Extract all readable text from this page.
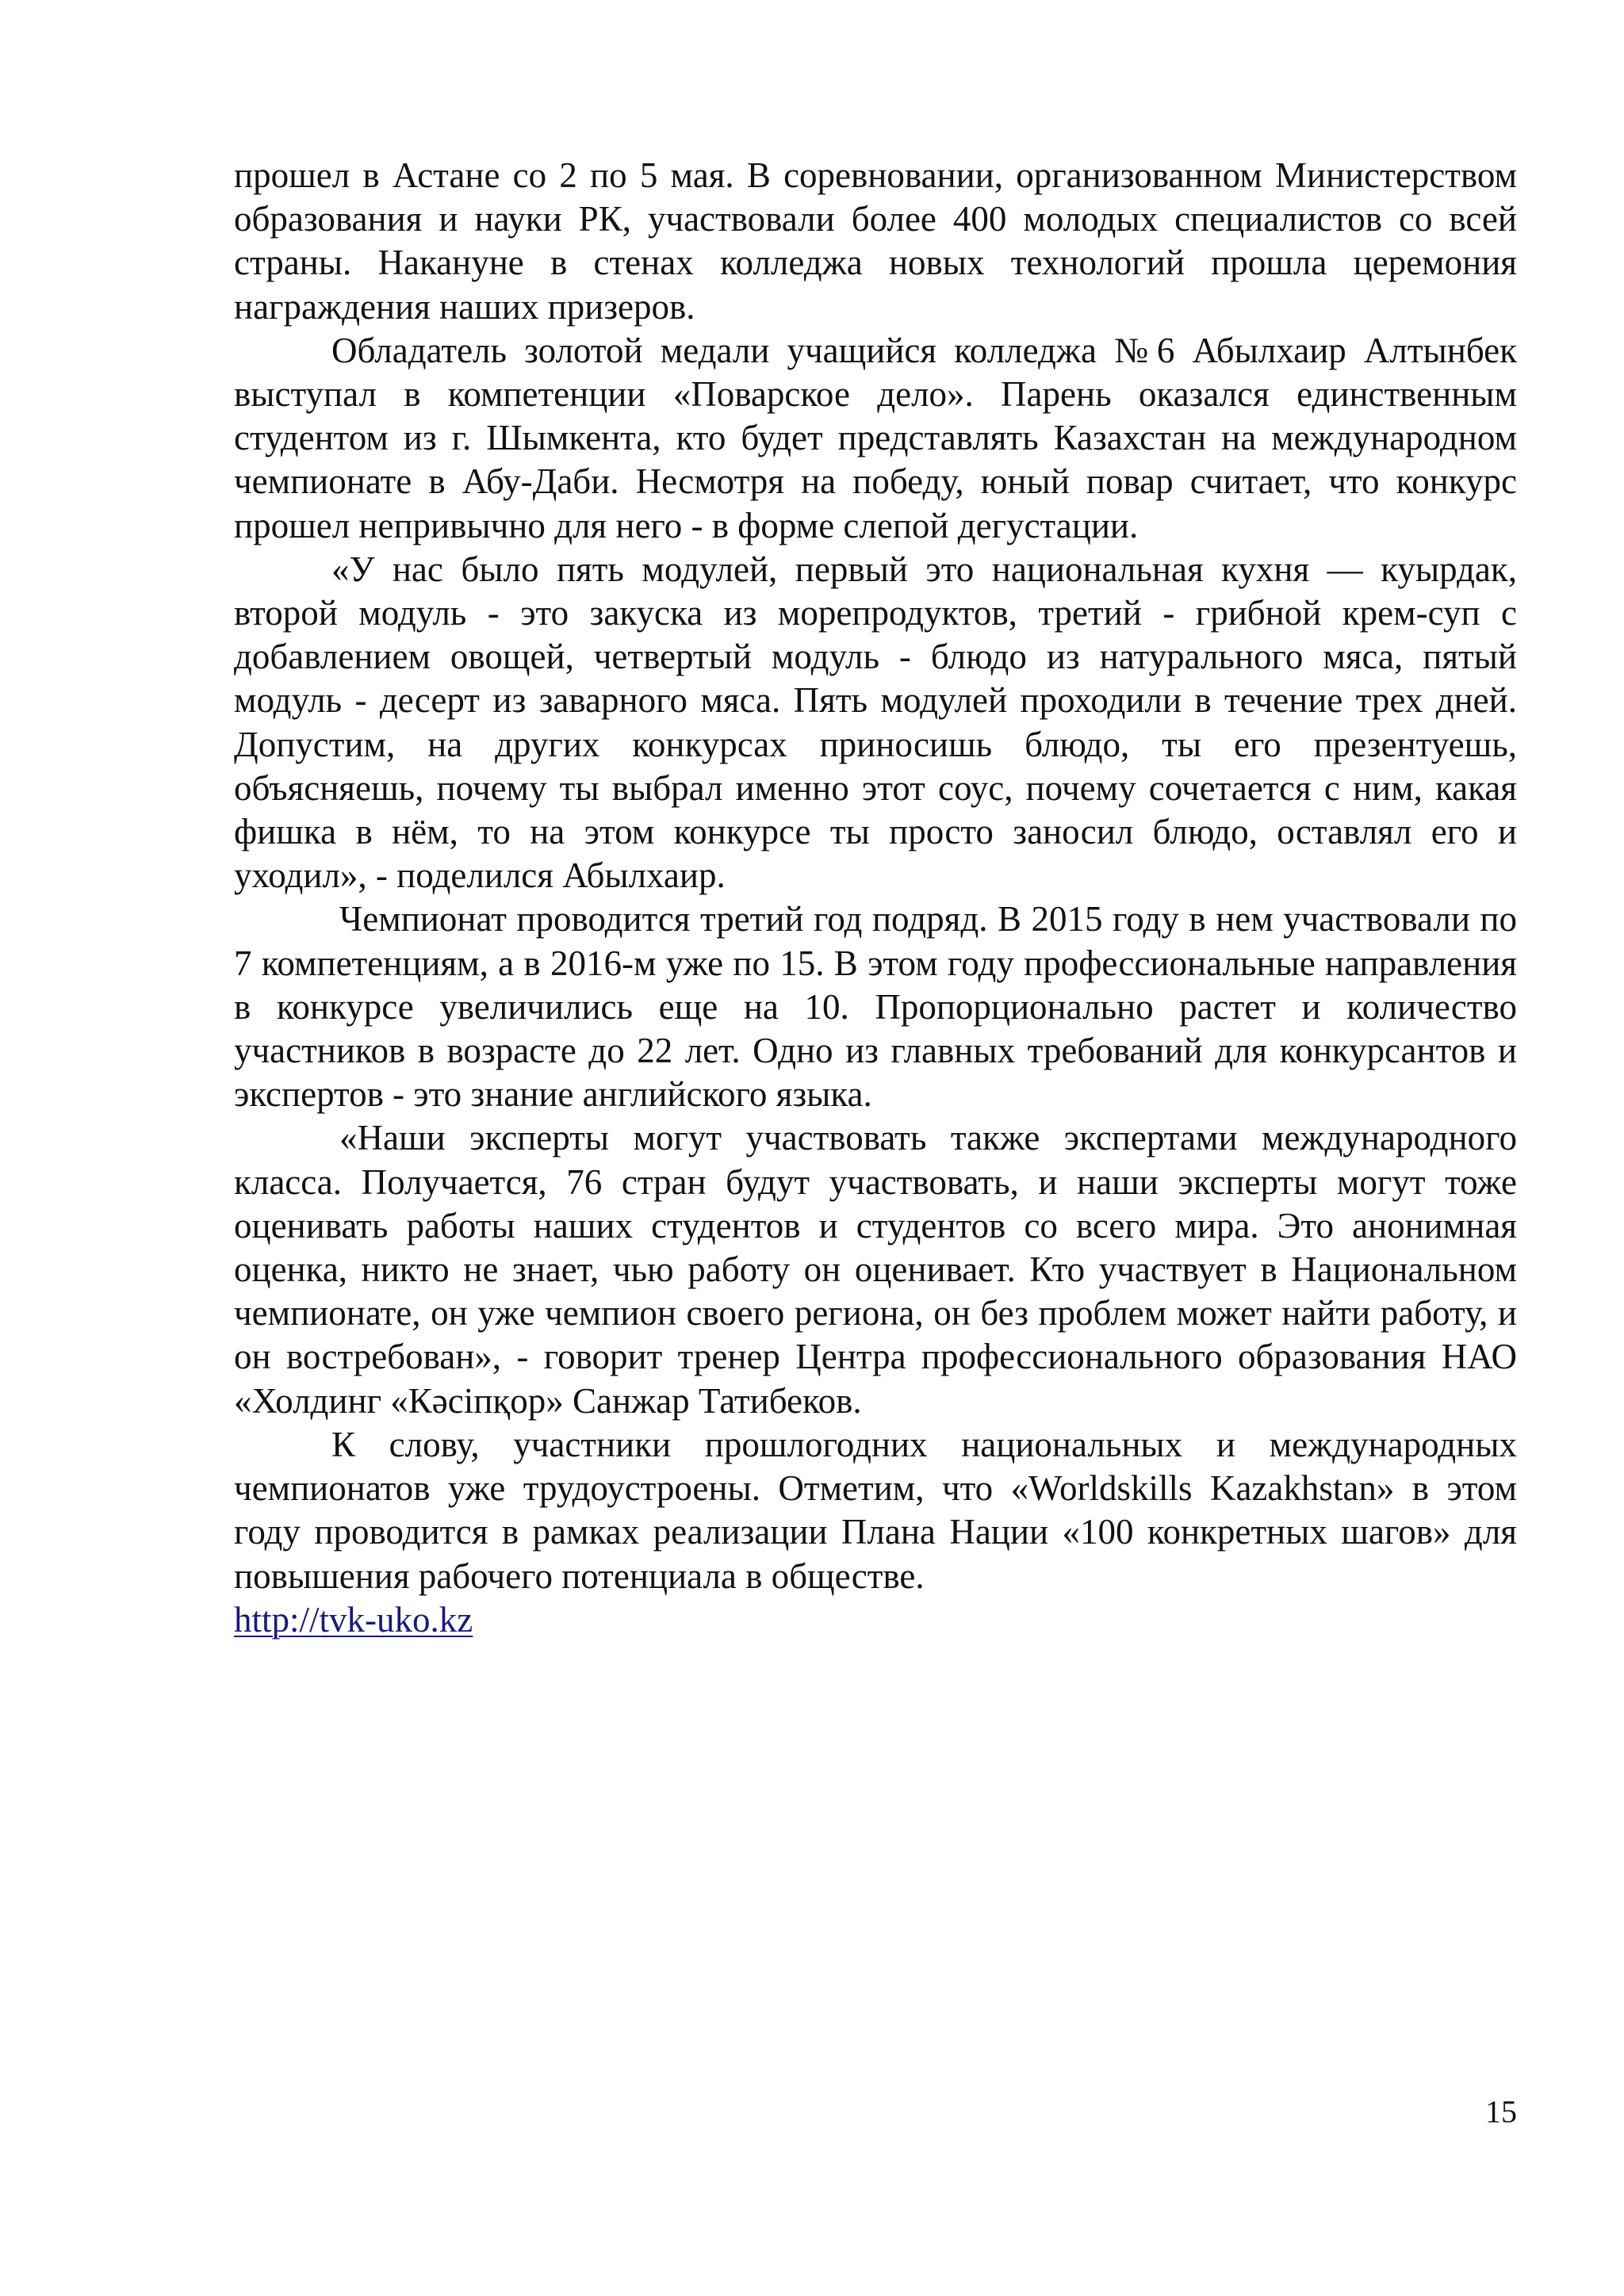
прошел в Астане со 2 по 5 мая. В соревновании, организованном Министерством образования и науки РК, участвовали более 400 молодых специалистов со всей страны. Накануне в стенах колледжа новых технологий прошла церемония награждения наших призеров.

Обладатель золотой медали учащийся колледжа №6 Абылхаир Алтынбек выступал в компетенции «Поварское дело». Парень оказался единственным студентом из г. Шымкента, кто будет представлять Казахстан на международном чемпионате в Абу-Даби. Несмотря на победу, юный повар считает, что конкурс прошел непривычно для него - в форме слепой дегустации.

«У нас было пять модулей, первый это национальная кухня — куырдак, второй модуль - это закуска из морепродуктов, третий - грибной крем-суп с добавлением овощей, четвертый модуль - блюдо из натурального мяса, пятый модуль - десерт из заварного мяса. Пять модулей проходили в течение трех дней. Допустим, на других конкурсах приносишь блюдо, ты его презентуешь, объясняешь, почему ты выбрал именно этот соус, почему сочетается с ним, какая фишка в нём, то на этом конкурсе ты просто заносил блюдо, оставлял его и уходил», - поделился Абылхаир.

Чемпионат проводится третий год подряд. В 2015 году в нем участвовали по 7 компетенциям, а в 2016-м уже по 15. В этом году профессиональные направления в конкурсе увеличились еще на 10. Пропорционально растет и количество участников в возрасте до 22 лет. Одно из главных требований для конкурсантов и экспертов - это знание английского языка.

«Наши эксперты могут участвовать также экспертами международного класса. Получается, 76 стран будут участвовать, и наши эксперты могут тоже оценивать работы наших студентов и студентов со всего мира. Это анонимная оценка, никто не знает, чью работу он оценивает. Кто участвует в Национальном чемпионате, он уже чемпион своего региона, он без проблем может найти работу, и он востребован», - говорит тренер Центра профессионального образования НАО «Холдинг «Кәсіпқор» Санжар Татибеков.

К слову, участники прошлогодних национальных и международных чемпионатов уже трудоустроены. Отметим, что «Worldskills Kazakhstan» в этом году проводится в рамках реализации Плана Нации «100 конкретных шагов» для повышения рабочего потенциала в обществе.

http://tvk-uko.kz

15
